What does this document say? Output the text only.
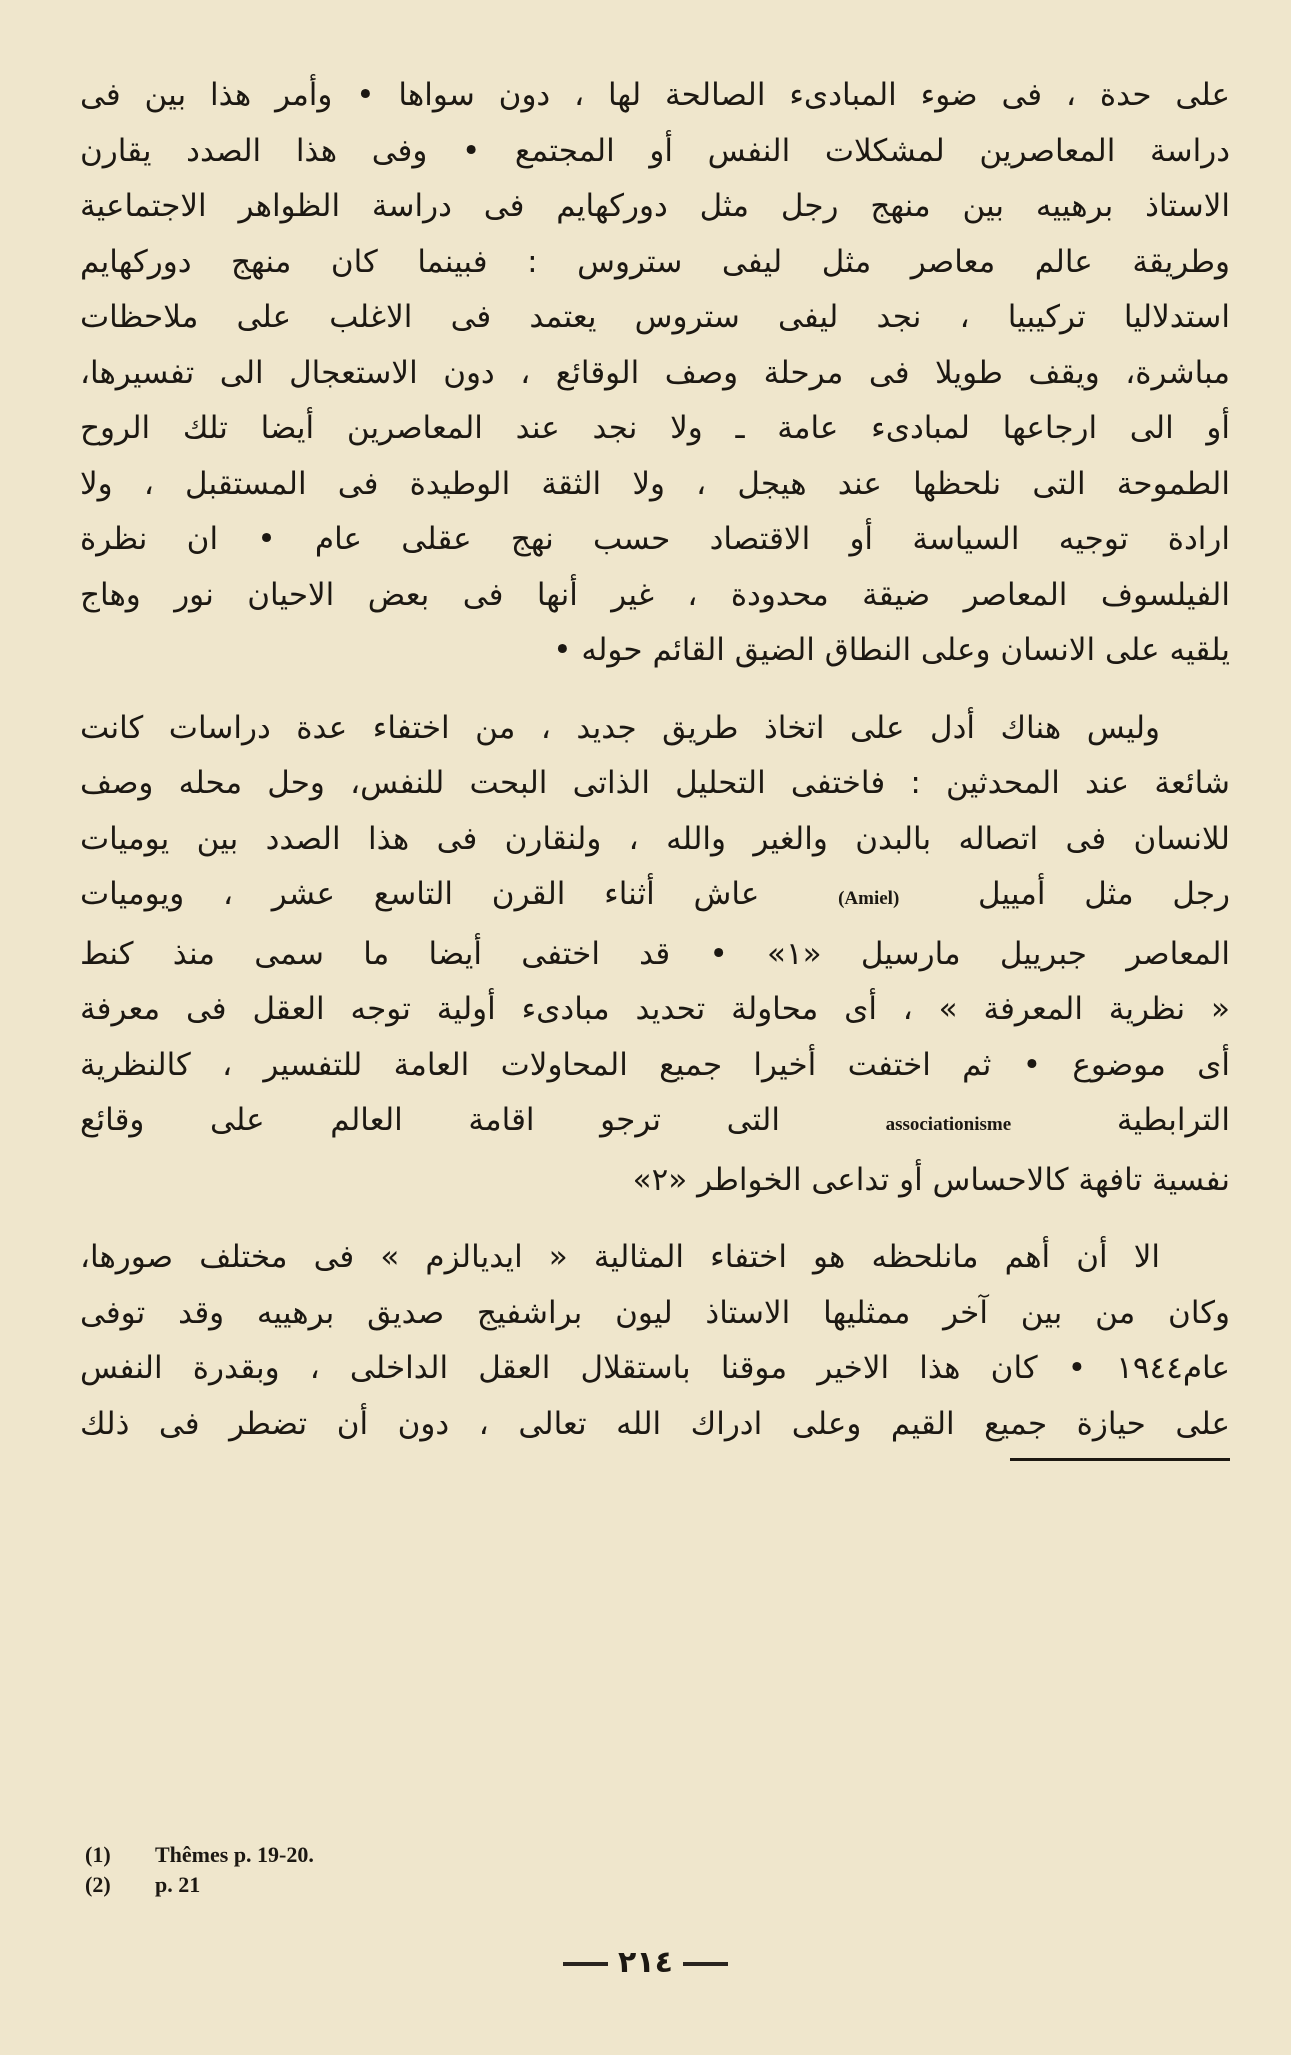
على حدة ، فى ضوء المبادىء الصالحة لها ، دون سواها • وأمر هذا بين فى
دراسة المعاصرين لمشكلات النفس أو المجتمع • وفى هذا الصدد يقارن
الاستاذ برهييه بين منهج رجل مثل دوركهايم فى دراسة الظواهر الاجتماعية
وطريقة عالم معاصر مثل ليفى ستروس : فبينما كان منهج دوركهايم
استدلاليا تركيبيا ، نجد ليفى ستروس يعتمد فى الاغلب على ملاحظات
مباشرة، ويقف طويلا فى مرحلة وصف الوقائع ، دون الاستعجال الى تفسيرها،
أو الى ارجاعها لمبادىء عامة ـ ولا نجد عند المعاصرين أيضا تلك الروح
الطموحة التى نلحظها عند هيجل ، ولا الثقة الوطيدة فى المستقبل ، ولا
ارادة توجيه السياسة أو الاقتصاد حسب نهج عقلى عام • ان نظرة
الفيلسوف المعاصر ضيقة محدودة ، غير أنها فى بعض الاحيان نور وهاج
يلقيه على الانسان وعلى النطاق الضيق القائم حوله •
وليس هناك أدل على اتخاذ طريق جديد ، من اختفاء عدة دراسات كانت
شائعة عند المحدثين : فاختفى التحليل الذاتى البحت للنفس، وحل محله وصف
للانسان فى اتصاله بالبدن والغير والله ، ولنقارن فى هذا الصدد بين يوميات
رجل مثل أمييل (Amiel) عاش أثناء القرن التاسع عشر ، ويوميات
المعاصر جبرييل مارسيل «١» • قد اختفى أيضا ما سمى منذ كنط
« نظرية المعرفة » ، أى محاولة تحديد مبادىء أولية توجه العقل فى معرفة
أى موضوع • ثم اختفت أخيرا جميع المحاولات العامة للتفسير ، كالنظرية
الترابطية associationisme التى ترجو اقامة العالم على وقائع
نفسية تافهة كالاحساس أو تداعى الخواطر «٢»
الا أن أهم مانلحظه هو اختفاء المثالية « ايديالزم » فى مختلف صورها،
وكان من بين آخر ممثليها الاستاذ ليون براشفيج صديق برهييه وقد توفى
عام١٩٤٤ • كان هذا الاخير موقنا باستقلال العقل الداخلى ، وبقدرة النفس
على حيازة جميع القيم وعلى ادراك الله تعالى ، دون أن تضطر فى ذلك
(1)	Thêmes p. 19-20.
(2)	p. 21
٢١٤
